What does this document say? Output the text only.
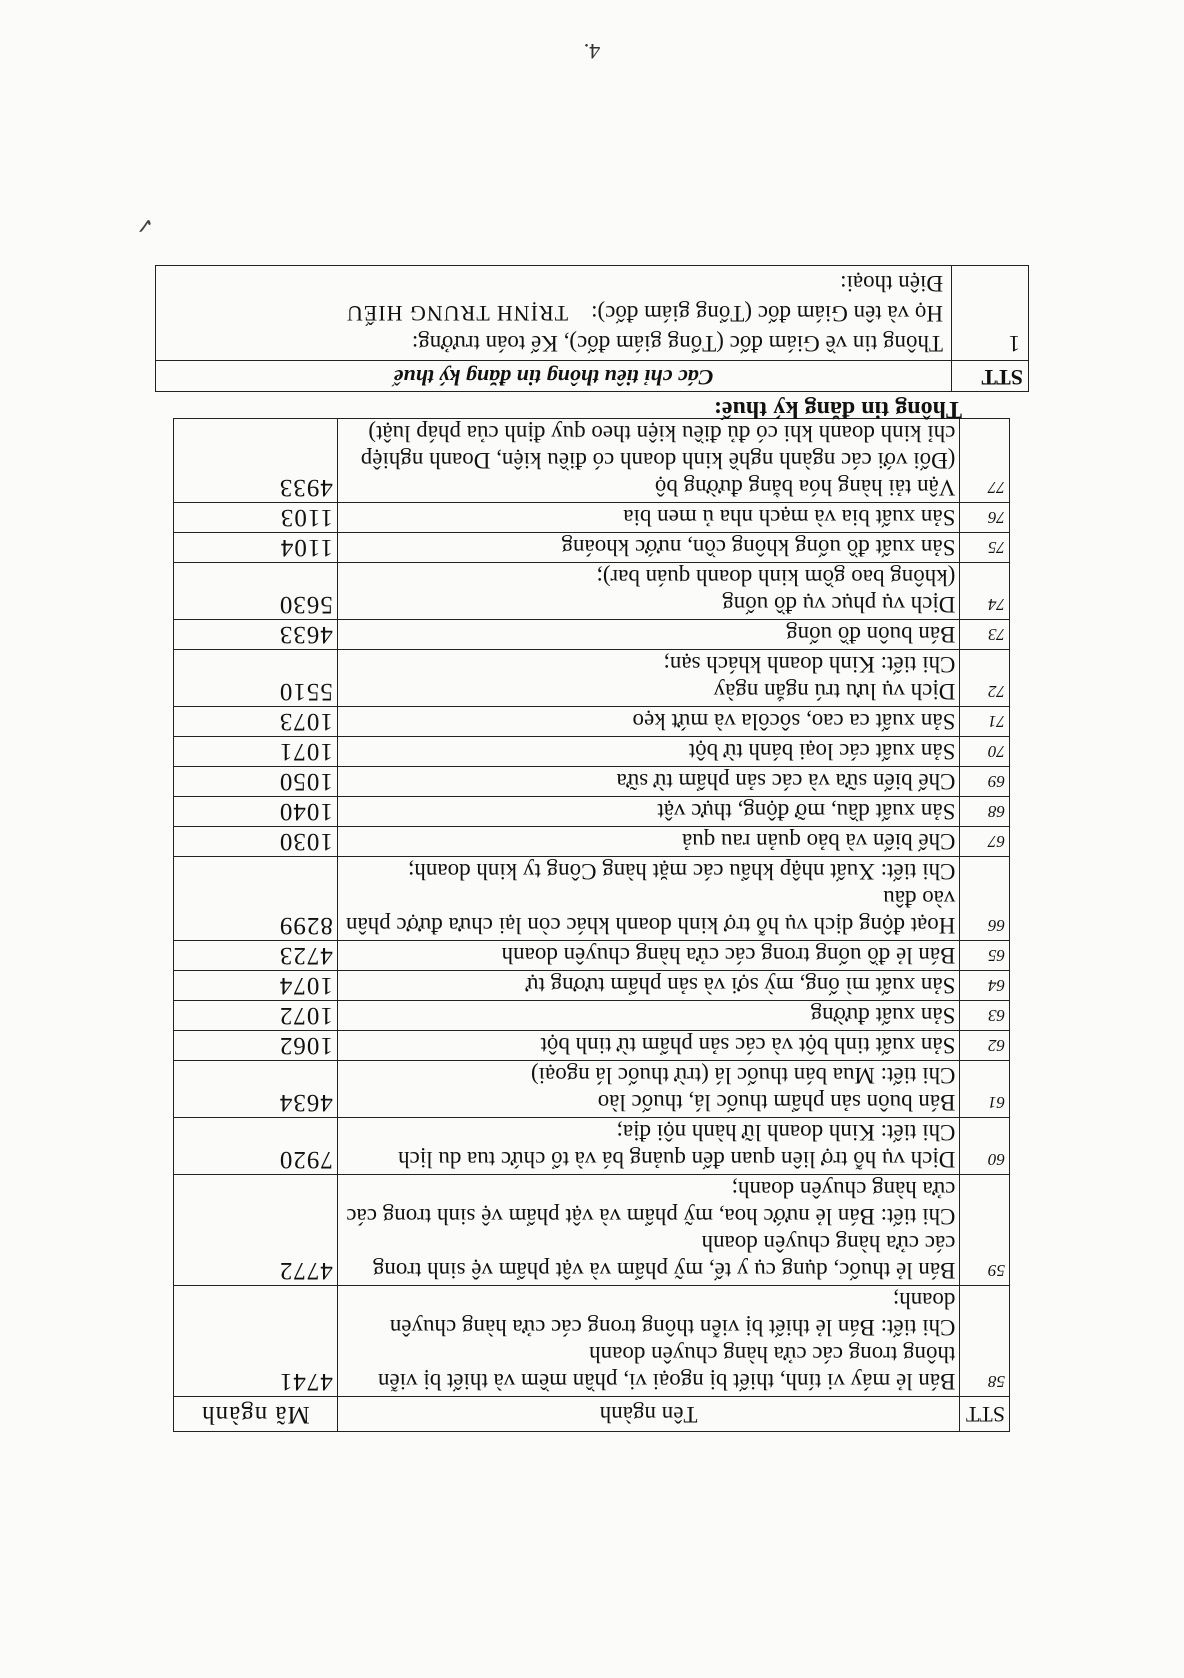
STT	Tên ngành	Mã ngành
58	Bán lẻ máy vi tính, thiết bị ngoại vi, phần mềm và thiết bị viễn thông trong các cửa hàng chuyên doanh
Chi tiết: Bán lẻ thiết bị viễn thông trong các cửa hàng chuyên doanh;	4741
59	Bán lẻ thuốc, dụng cụ y tế, mỹ phẩm và vật phẩm vệ sinh trong các cửa hàng chuyên doanh
Chi tiết: Bán lẻ nước hoa, mỹ phẩm và vật phẩm vệ sinh trong các cửa hàng chuyên doanh;	4772
60	Dịch vụ hỗ trợ liên quan đến quảng bá và tổ chức tua du lịch
Chi tiết: Kinh doanh lữ hành nội địa;	7920
61	Bán buôn sản phẩm thuốc lá, thuốc lào
Chi tiết: Mua bán thuốc lá (trừ thuốc lá ngoại)	4634
62	Sản xuất tinh bột và các sản phẩm từ tinh bột	1062
63	Sản xuất đường	1072
64	Sản xuất mì ống, mỳ sợi và sản phẩm tương tự	1074
65	Bán lẻ đồ uống trong các cửa hàng chuyên doanh	4723
66	Hoạt động dịch vụ hỗ trợ kinh doanh khác còn lại chưa được phân vào đâu
Chi tiết: Xuất nhập khẩu các mặt hàng Công ty kinh doanh;	8299
67	Chế biến và bảo quản rau quả	1030
68	Sản xuất dầu, mỡ động, thực vật	1040
69	Chế biến sữa và các sản phẩm từ sữa	1050
70	Sản xuất các loại bánh từ bột	1071
71	Sản xuất ca cao, sôcôla và mứt kẹo	1073
72	Dịch vụ lưu trú ngắn ngày
Chi tiết: Kinh doanh khách sạn;	5510
73	Bán buôn đồ uống	4633
74	Dịch vụ phục vụ đồ uống
(không bao gồm kinh doanh quán bar);	5630
75	Sản xuất đồ uống không cồn, nước khoáng	1104
76	Sản xuất bia và mạch nha ủ men bia	1103
77	Vận tải hàng hóa bằng đường bộ
(Đối với các ngành nghề kinh doanh có điều kiện, Doanh nghiệp chỉ kinh doanh khi có đủ điều kiện theo quy định của pháp luật)	4933
Thông tin đăng ký thuế:
STT	Các chỉ tiêu thông tin đăng ký thuế
1	Thông tin về Giám đốc (Tổng giám đốc), Kế toán trưởng:
Họ và tên Giám đốc (Tổng giám đốc):    TRỊNH TRUNG HIẾU
Điện thoại:
4.
✓
